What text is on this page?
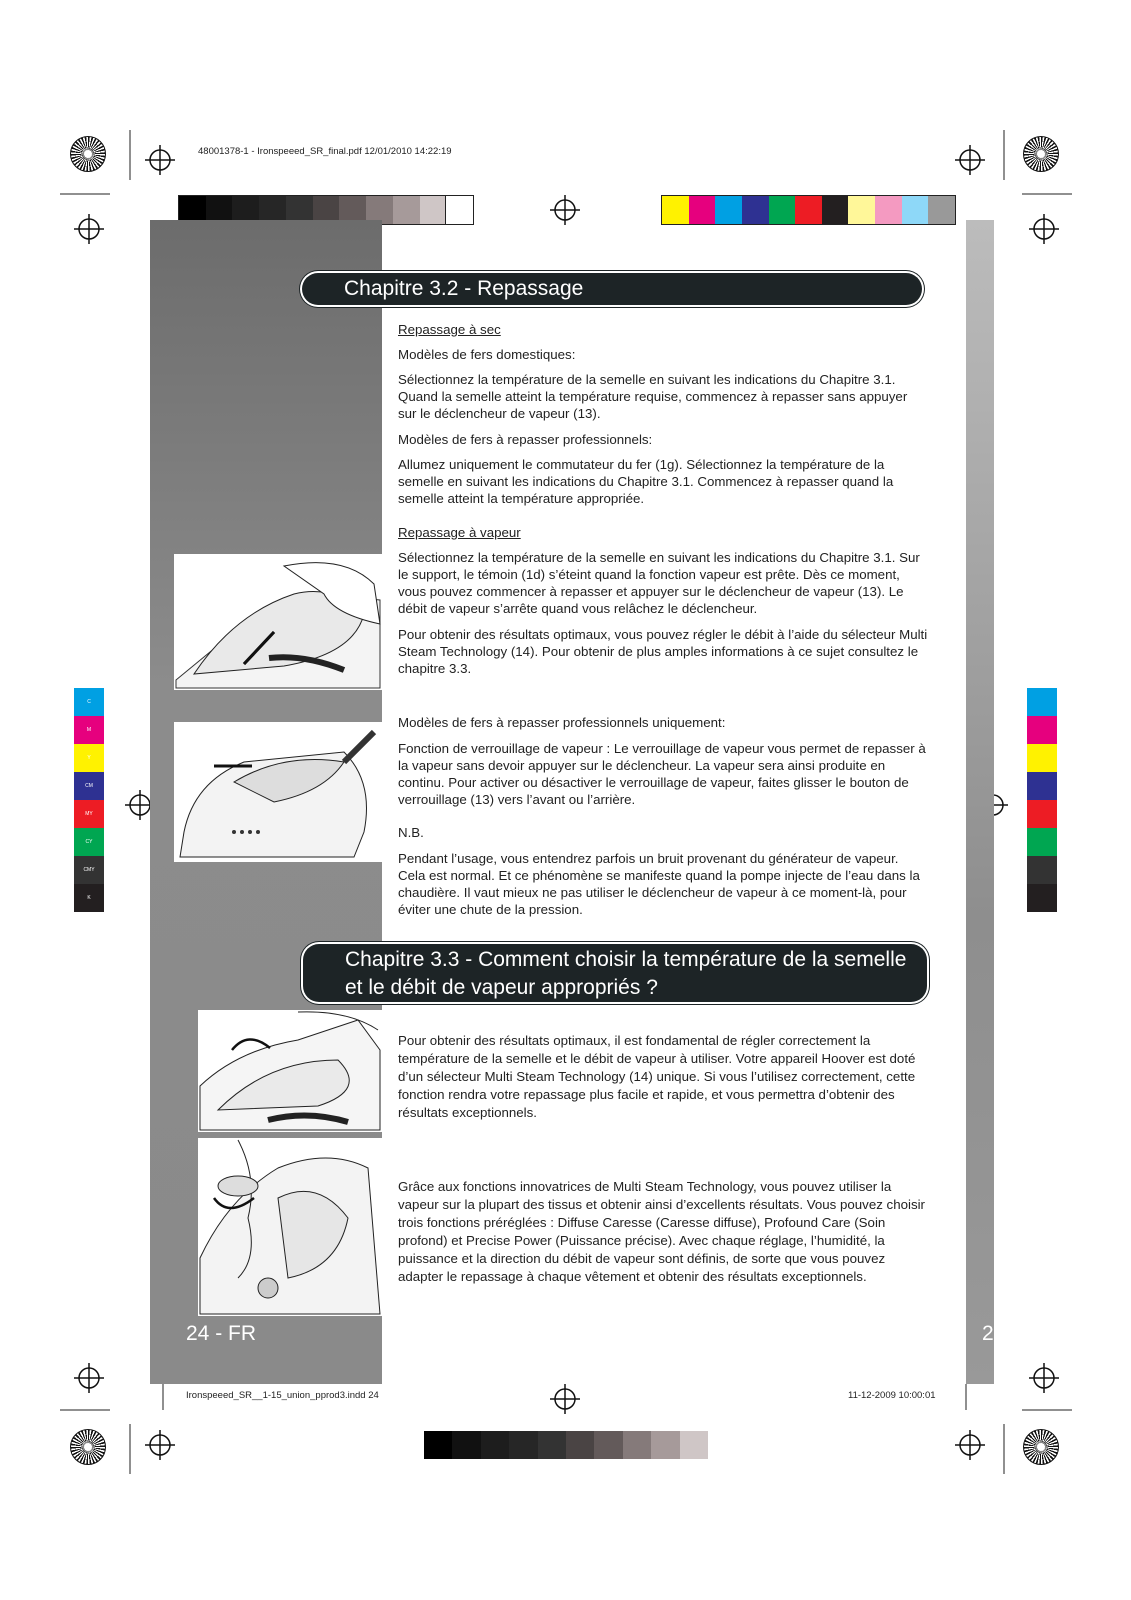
48001378-1 - Ironspeeed_SR_final.pdf 12/01/2010 14:22:19
C
M
Y
CM
MY
CY
CMY
K
Chapitre 3.2 - Repassage

Repassage à sec

Modèles de fers domestiques:

Sélectionnez la température de la semelle en suivant les indications du Chapitre 3.1. Quand la semelle atteint la température requise, commencez à repasser sans appuyer sur le déclencheur de vapeur (13).

Modèles de fers à repasser professionnels:

Allumez uniquement le commutateur du fer (1g). Sélectionnez la température de la semelle en suivant les indications du Chapitre 3.1. Commencez à repasser quand la semelle atteint la température appropriée.

Repassage à vapeur

Sélectionnez la température de la semelle en suivant les indications du Chapitre 3.1. Sur le support, le témoin (1d) s’éteint quand la fonction vapeur est prête. Dès ce moment, vous pouvez commencer à repasser et appuyer sur le déclencheur de vapeur (13). Le débit de vapeur s’arrête quand vous relâchez le déclencheur.

Pour obtenir des résultats optimaux, vous pouvez régler le débit à l’aide du sélecteur Multi Steam Technology (14). Pour obtenir de plus amples informations à ce sujet consultez le chapitre 3.3.

Modèles de fers à repasser professionnels uniquement:

Fonction de verrouillage de vapeur : Le verrouillage de vapeur vous permet de repasser à la vapeur sans devoir appuyer sur le déclencheur. La vapeur sera ainsi produite en continu. Pour activer ou désactiver le verrouillage de vapeur, faites glisser le bouton de verrouillage (13) vers l’avant ou l’arrière.

N.B.

Pendant l’usage, vous entendrez parfois un bruit provenant du générateur de vapeur. Cela est normal. Et ce phénomène se manifeste quand la pompe injecte de l’eau dans la chaudière. Il vaut mieux ne pas utiliser le déclencheur de vapeur à ce moment-là, pour éviter une chute de la pression.

Chapitre 3.3 - Comment choisir la température de la semelle
et le débit de vapeur appropriés ?

Pour obtenir des résultats optimaux, il est fondamental de régler correctement la température de la semelle et le débit de vapeur à utiliser. Votre appareil Hoover est doté d’un sélecteur Multi Steam Technology (14) unique. Si vous l’utilisez correctement, cette fonction rendra votre repassage plus facile et rapide, et vous permettra d’obtenir des résultats exceptionnels.

Grâce aux fonctions innovatrices de Multi Steam Technology, vous pouvez utiliser la vapeur sur la plupart des tissus et obtenir ainsi d’excellents résultats. Vous pouvez choisir trois fonctions préréglées : Diffuse Caresse (Caresse diffuse), Profound Care (Soin profond) et Precise Power (Puissance précise). Avec chaque réglage, l’humidité, la puissance et la direction du débit de vapeur sont définis, de sorte que vous pouvez adapter le repassage à chaque vêtement et obtenir des résultats exceptionnels.

24 - FR	2
Ironspeeed_SR__1-15_union_pprod3.indd 24	11-12-2009 10:00:01
